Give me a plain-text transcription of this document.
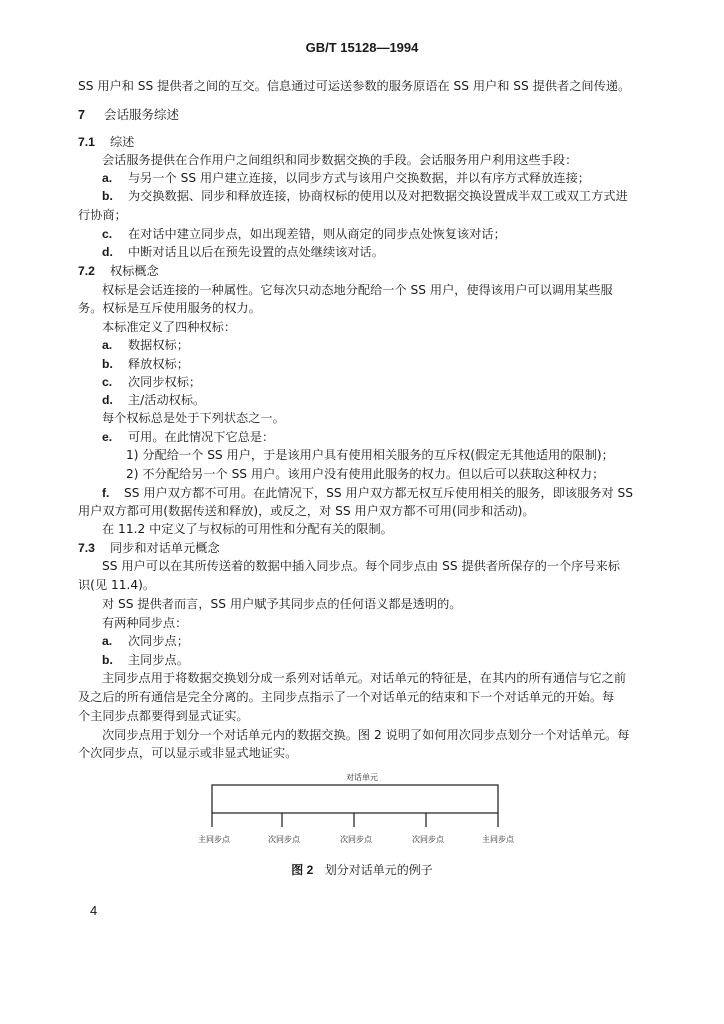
GB/T 15128—1994
SS 用户和 SS 提供者之间的互交。信息通过可运送参数的服务原语在 SS 用户和 SS 提供者之间传递。
7 会话服务综述
7.1 综述
会话服务提供在合作用户之间组织和同步数据交换的手段。会话服务用户利用这些手段：
a. 与另一个 SS 用户建立连接，以同步方式与该用户交换数据，并以有序方式释放连接；
b. 为交换数据、同步和释放连接，协商权标的使用以及对把数据交换设置成半双工或双工方式进
行协商；
c. 在对话中建立同步点，如出现差错，则从商定的同步点处恢复该对话；
d. 中断对话且以后在预先设置的点处继续该对话。
7.2 权标概念
权标是会话连接的一种属性。它每次只动态地分配给一个 SS 用户，使得该用户可以调用某些服
务。权标是互斥使用服务的权力。
本标准定义了四种权标：
a. 数据权标；
b. 释放权标；
c. 次同步权标；
d. 主/活动权标。
每个权标总是处于下列状态之一。
e. 可用。在此情况下它总是：
1) 分配给一个 SS 用户，于是该用户具有使用相关服务的互斥权(假定无其他适用的限制)；
2) 不分配给另一个 SS 用户。该用户没有使用此服务的权力。但以后可以获取这种权力；
f. SS 用户双方都不可用。在此情况下，SS 用户双方都无权互斥使用相关的服务，即该服务对 SS
用户双方都可用(数据传送和释放)，或反之，对 SS 用户双方都不可用(同步和活动)。
在 11.2 中定义了与权标的可用性和分配有关的限制。
7.3 同步和对话单元概念
SS 用户可以在其所传送着的数据中插入同步点。每个同步点由 SS 提供者所保存的一个序号来标
识(见 11.4)。
对 SS 提供者而言，SS 用户赋予其同步点的任何语义都是透明的。
有两种同步点：
a. 次同步点；
b. 主同步点。
主同步点用于将数据交换划分成一系列对话单元。对话单元的特征是，在其内的所有通信与它之前
及之后的所有通信是完全分离的。主同步点指示了一个对话单元的结束和下一个对话单元的开始。每
个主同步点都要得到显式证实。
次同步点用于划分一个对话单元内的数据交换。图 2 说明了如何用次同步点划分一个对话单元。每
个次同步点，可以显示或非显式地证实。
对话单元
主同步点	次同步点	次同步点	次同步点	主同步点
图 2 划分对话单元的例子
4
